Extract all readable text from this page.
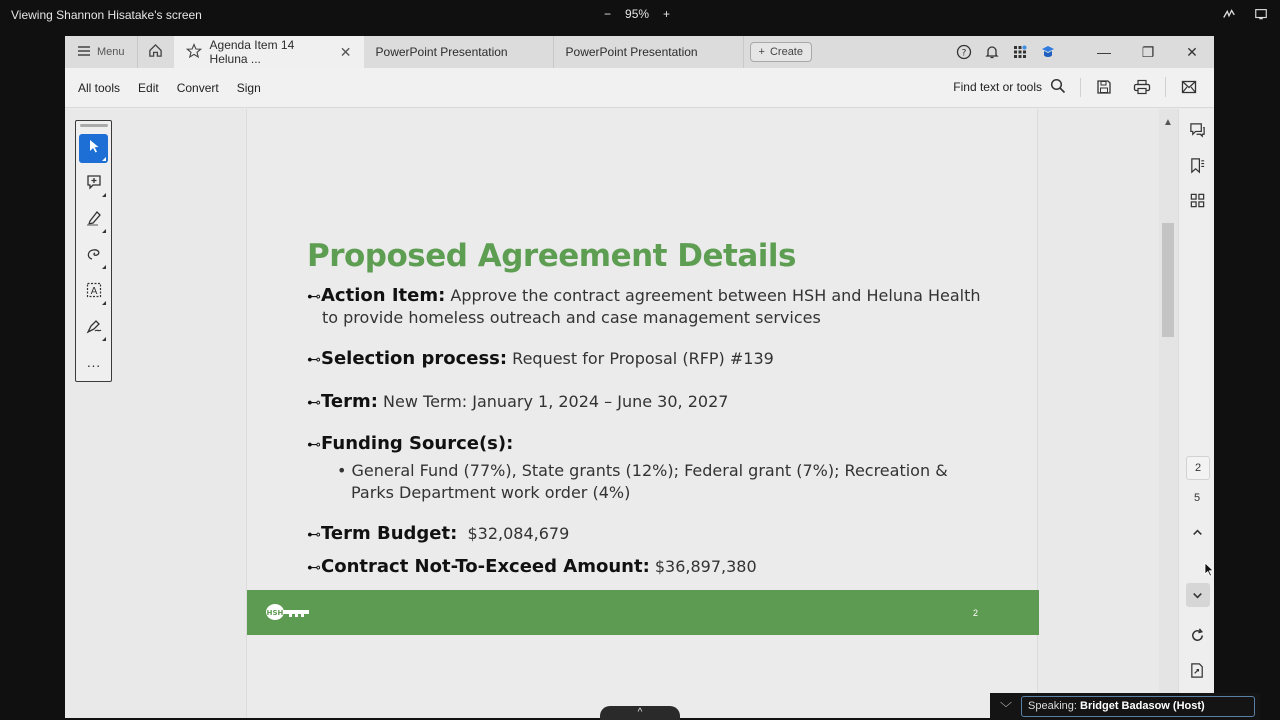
Viewing Shannon Hisatake's screen	− 95% +
Menu	Agenda Item 14 Heluna ...	✕ PowerPoint Presentation	PowerPoint Presentation	+ Create	?	—	❐	✕
All tools Edit Convert Sign	Find text or tools
A
···
Proposed Agreement Details
⊷Action Item: Approve the contract agreement between HSH and Heluna Health
to provide homeless outreach and case management services
⊷Selection process: Request for Proposal (RFP) #139
⊷Term: New Term: January 1, 2024 – June 30, 2027
⊷Funding Source(s):
• General Fund (77%), State grants (12%); Federal grant (7%); Recreation &
Parks Department work order (4%)
⊷Term Budget:  $32,084,679
⊷Contract Not-To-Exceed Amount: $36,897,380
HSH	2
▲
2
5
﹀	Speaking: Bridget Badasow (Host)
^
